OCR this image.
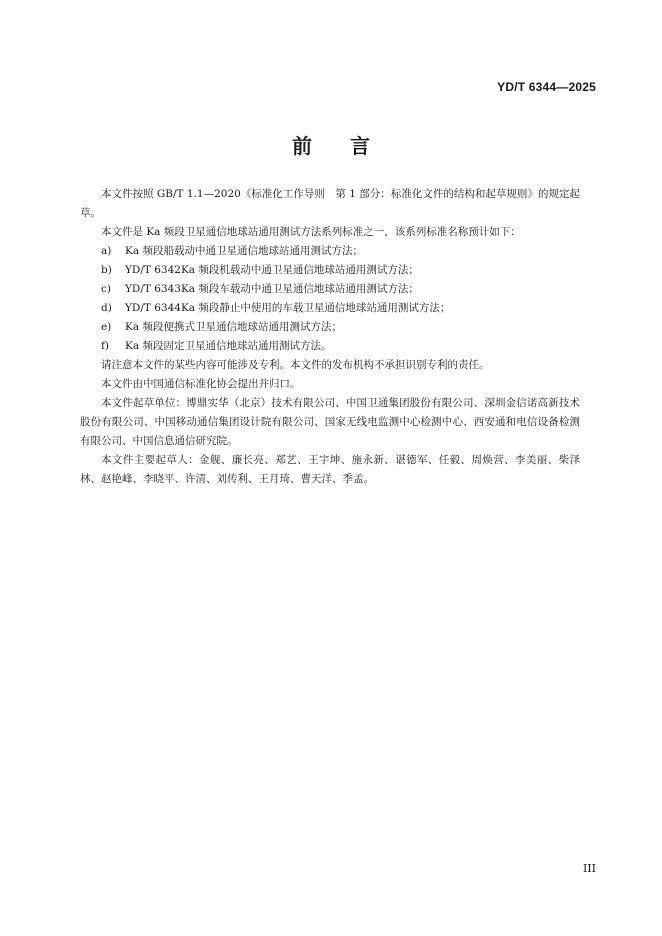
YD/T 6344—2025
前言

本文件按照 GB/T 1.1—2020《标准化工作导则　第 1 部分：标准化文件的结构和起草规则》的规定起草。

本文件是 Ka 频段卫星通信地球站通用测试方法系列标准之一，该系列标准名称预计如下：

a)	Ka 频段船载动中通卫星通信地球站通用测试方法；
b)	YD/T 6342Ka 频段机载动中通卫星通信地球站通用测试方法；
c)	YD/T 6343Ka 频段车载动中通卫星通信地球站通用测试方法；
d)	YD/T 6344Ka 频段静止中使用的车载卫星通信地球站通用测试方法；
e)	Ka 频段便携式卫星通信地球站通用测试方法；
f)	Ka 频段固定卫星通信地球站通用测试方法。

请注意本文件的某些内容可能涉及专利。本文件的发布机构不承担识别专利的责任。

本文件由中国通信标准化协会提出并归口。

本文件起草单位：博鼎实华（北京）技术有限公司、中国卫通集团股份有限公司、深圳金信诺高新技术股份有限公司、中国移动通信集团设计院有限公司、国家无线电监测中心检测中心、西安通和电信设备检测有限公司、中国信息通信研究院。

本文件主要起草人：金舰、廉长亮、郑艺、王宇坤、施永新、谌德军、任毅、周焕营、李美丽、柴泽林、赵艳峰、李晓平、许清、刘传利、王月琦、曹天洋、季孟。

III
